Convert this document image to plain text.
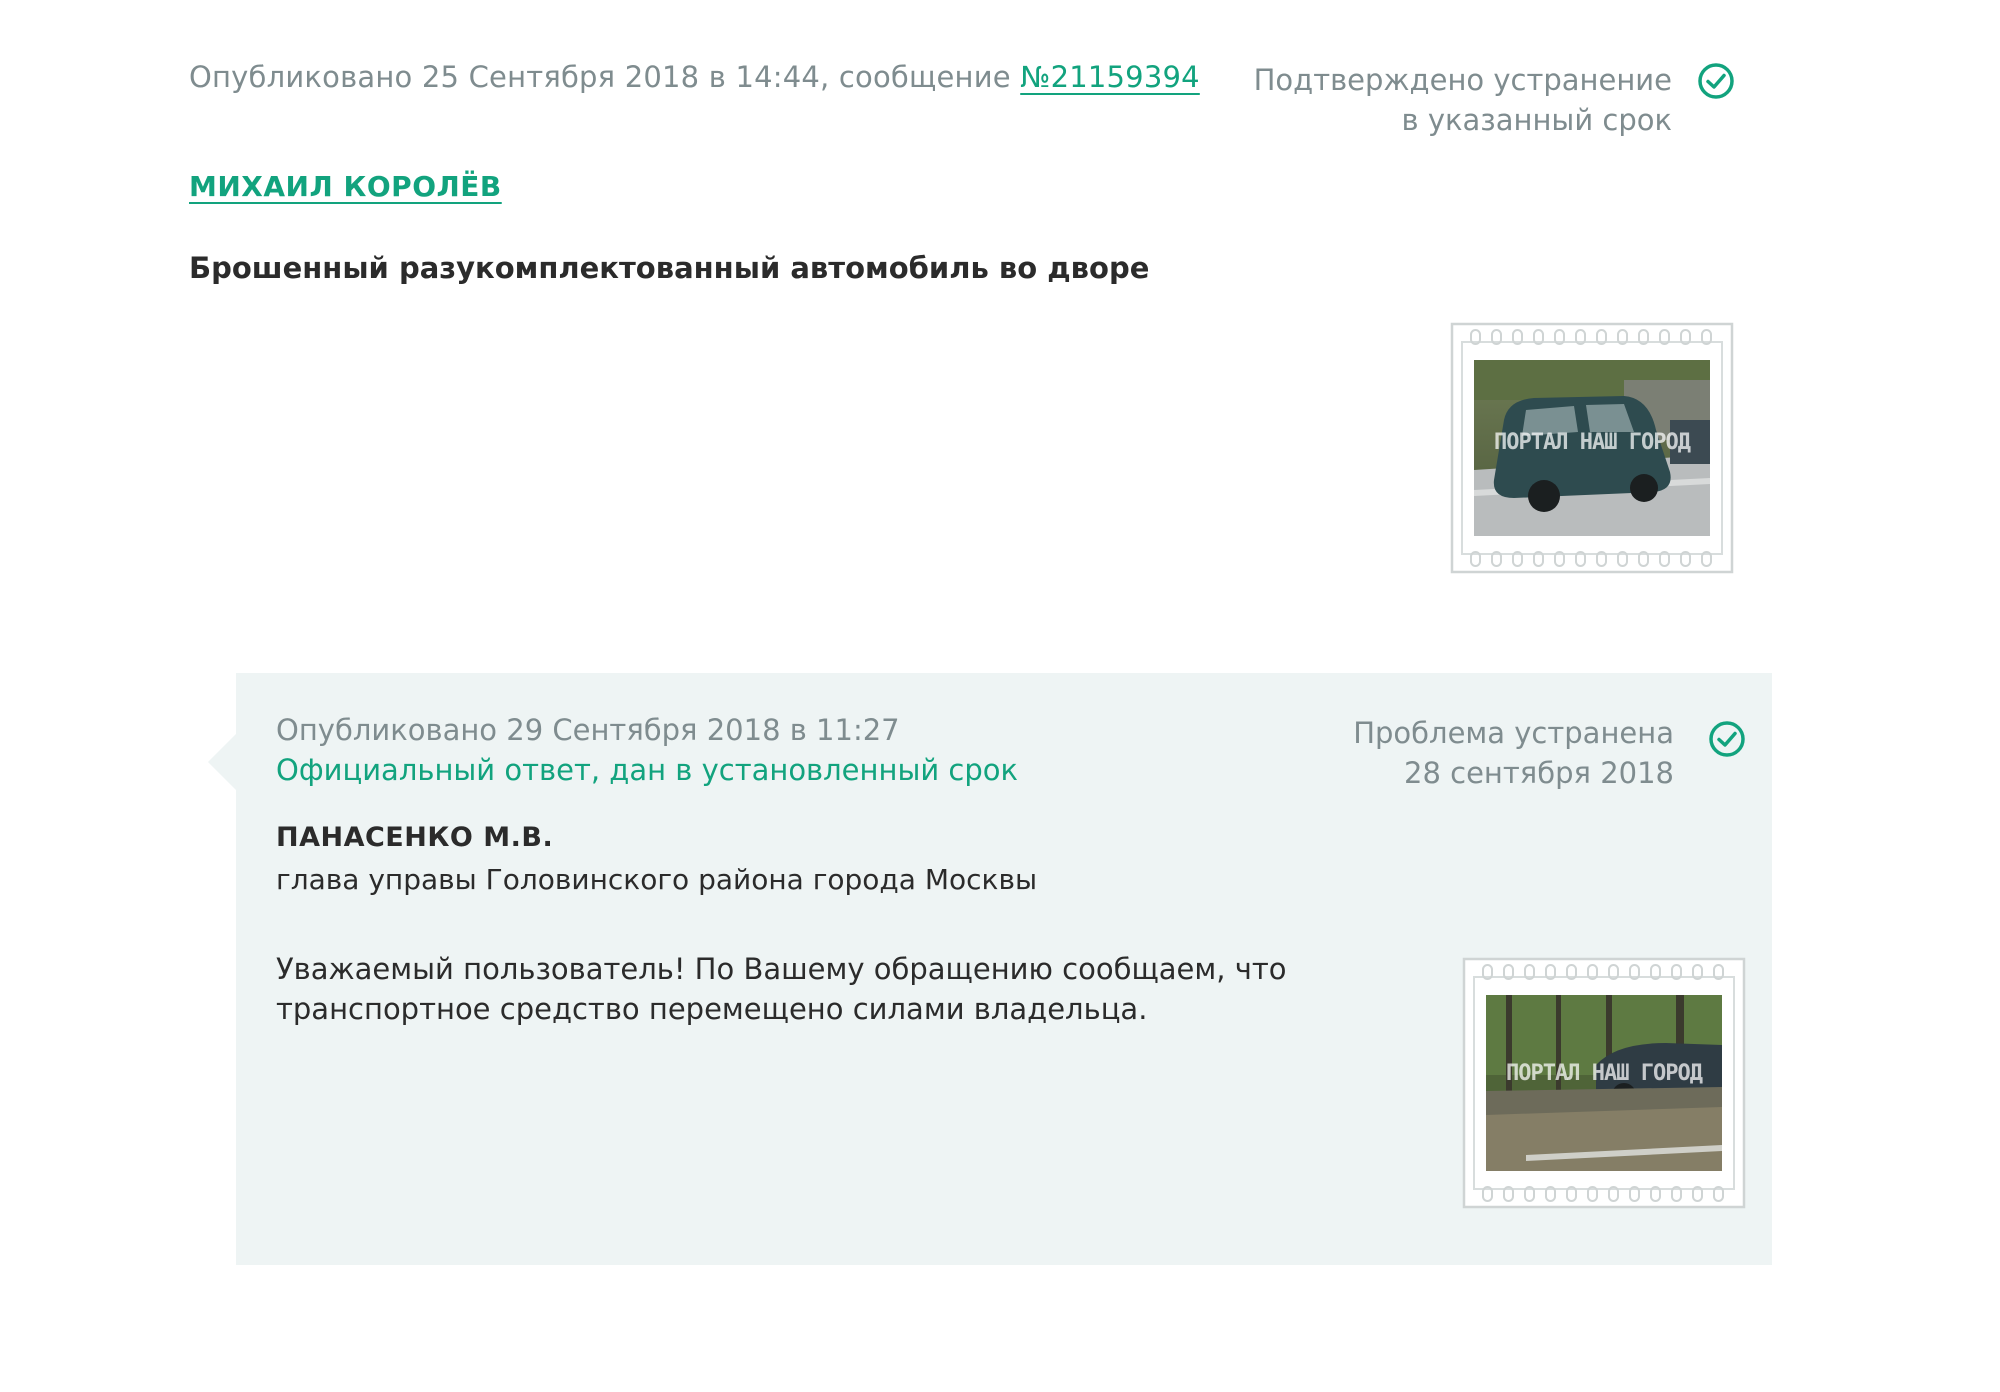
Опубликовано 25 Сентября 2018 в 14:44, сообщение №21159394 Подтверждено устранение в указанный срок
МИХАИЛ КОРОЛЁВ
Брошенный разукомплектованный автомобиль во дворе
ПОРТАЛ НАШ ГОРОД
Опубликовано 29 Сентября 2018 в 11:27
Официальный ответ, дан в установленный срок
Проблема устранена
28 сентября 2018
ПАНАСЕНКО М.В.
глава управы Головинского района города Москвы
Уважаемый пользователь! По Вашему обращению сообщаем, что транспортное средство перемещено силами владельца.
ПОРТАЛ НАШ ГОРОД
